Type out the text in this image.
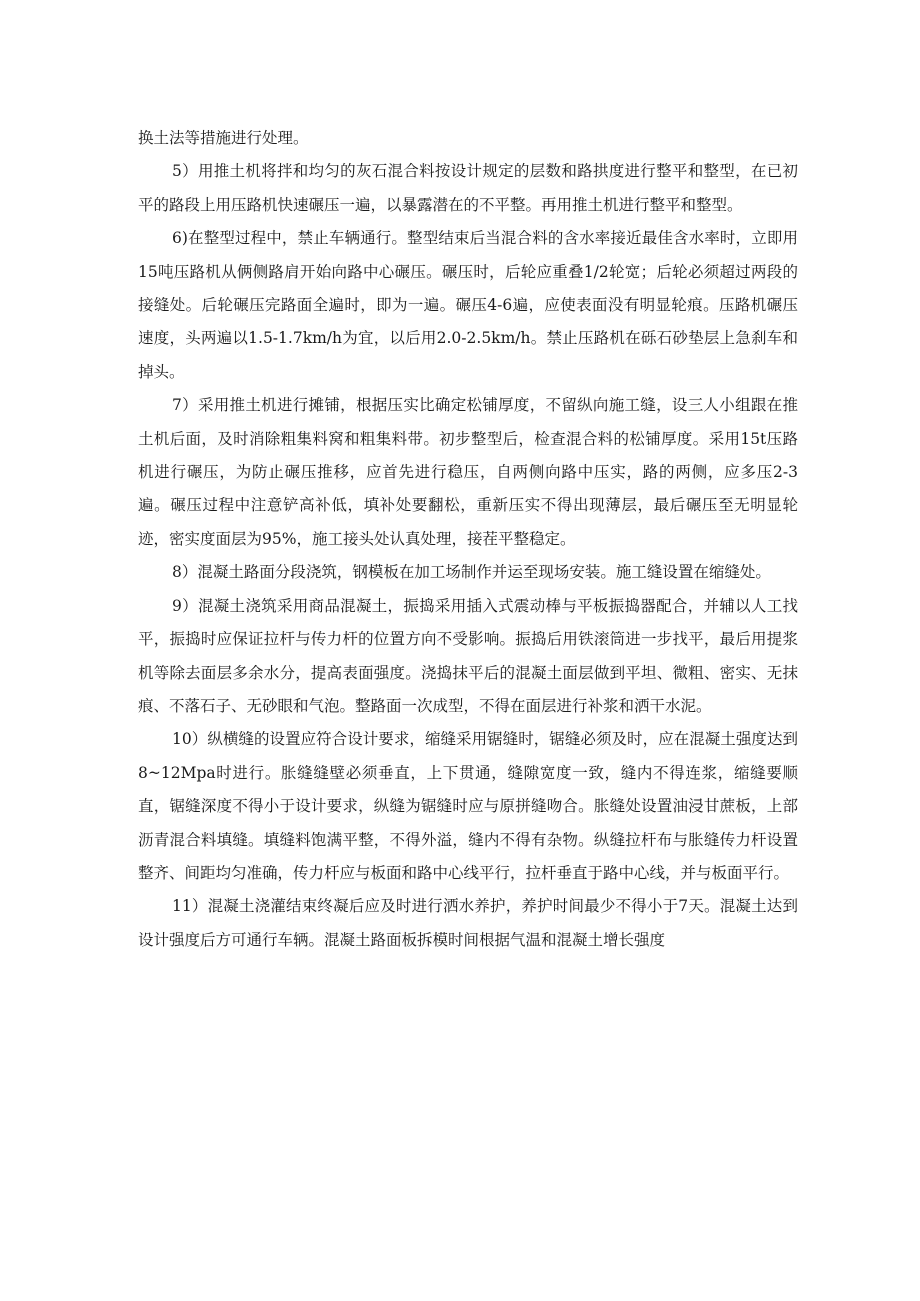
换土法等措施进行处理。

5）用推土机将拌和均匀的灰石混合料按设计规定的层数和路拱度进行整平和整型，在已初平的路段上用压路机快速碾压一遍，以暴露潜在的不平整。再用推土机进行整平和整型。

6)在整型过程中，禁止车辆通行。整型结束后当混合料的含水率接近最佳含水率时，立即用15吨压路机从俩侧路肩开始向路中心碾压。碾压时，后轮应重叠1/2轮宽；后轮必须超过两段的接缝处。后轮碾压完路面全遍时，即为一遍。碾压4-6遍，应使表面没有明显轮痕。压路机碾压速度，头两遍以1.5-1.7km/h为宜，以后用2.0-2.5km/h。禁止压路机在砾石砂垫层上急刹车和掉头。

7）采用推土机进行摊铺，根据压实比确定松铺厚度，不留纵向施工缝，设三人小组跟在推土机后面，及时消除粗集料窝和粗集料带。初步整型后，检查混合料的松铺厚度。采用15t压路机进行碾压，为防止碾压推移，应首先进行稳压，自两侧向路中压实，路的两侧，应多压2-3遍。碾压过程中注意铲高补低，填补处要翻松，重新压实不得出现薄层，最后碾压至无明显轮迹，密实度面层为95%，施工接头处认真处理，接茬平整稳定。

8）混凝土路面分段浇筑，钢模板在加工场制作并运至现场安装。施工缝设置在缩缝处。

9）混凝土浇筑采用商品混凝土，振捣采用插入式震动棒与平板振捣器配合，并辅以人工找平，振捣时应保证拉杆与传力杆的位置方向不受影响。振捣后用铁滚筒进一步找平，最后用提浆机等除去面层多余水分，提高表面强度。浇捣抹平后的混凝土面层做到平坦、微粗、密实、无抹痕、不落石子、无砂眼和气泡。整路面一次成型，不得在面层进行补浆和洒干水泥。

10）纵横缝的设置应符合设计要求，缩缝采用锯缝时，锯缝必须及时，应在混凝土强度达到8~12Mpa时进行。胀缝缝壁必须垂直，上下贯通，缝隙宽度一致，缝内不得连浆，缩缝要顺直，锯缝深度不得小于设计要求，纵缝为锯缝时应与原拼缝吻合。胀缝处设置油浸甘蔗板，上部沥青混合料填缝。填缝料饱满平整，不得外溢，缝内不得有杂物。纵缝拉杆布与胀缝传力杆设置整齐、间距均匀准确，传力杆应与板面和路中心线平行，拉杆垂直于路中心线，并与板面平行。

11）混凝土浇灌结束终凝后应及时进行洒水养护，养护时间最少不得小于7天。混凝土达到设计强度后方可通行车辆。混凝土路面板拆模时间根据气温和混凝土增长强度
